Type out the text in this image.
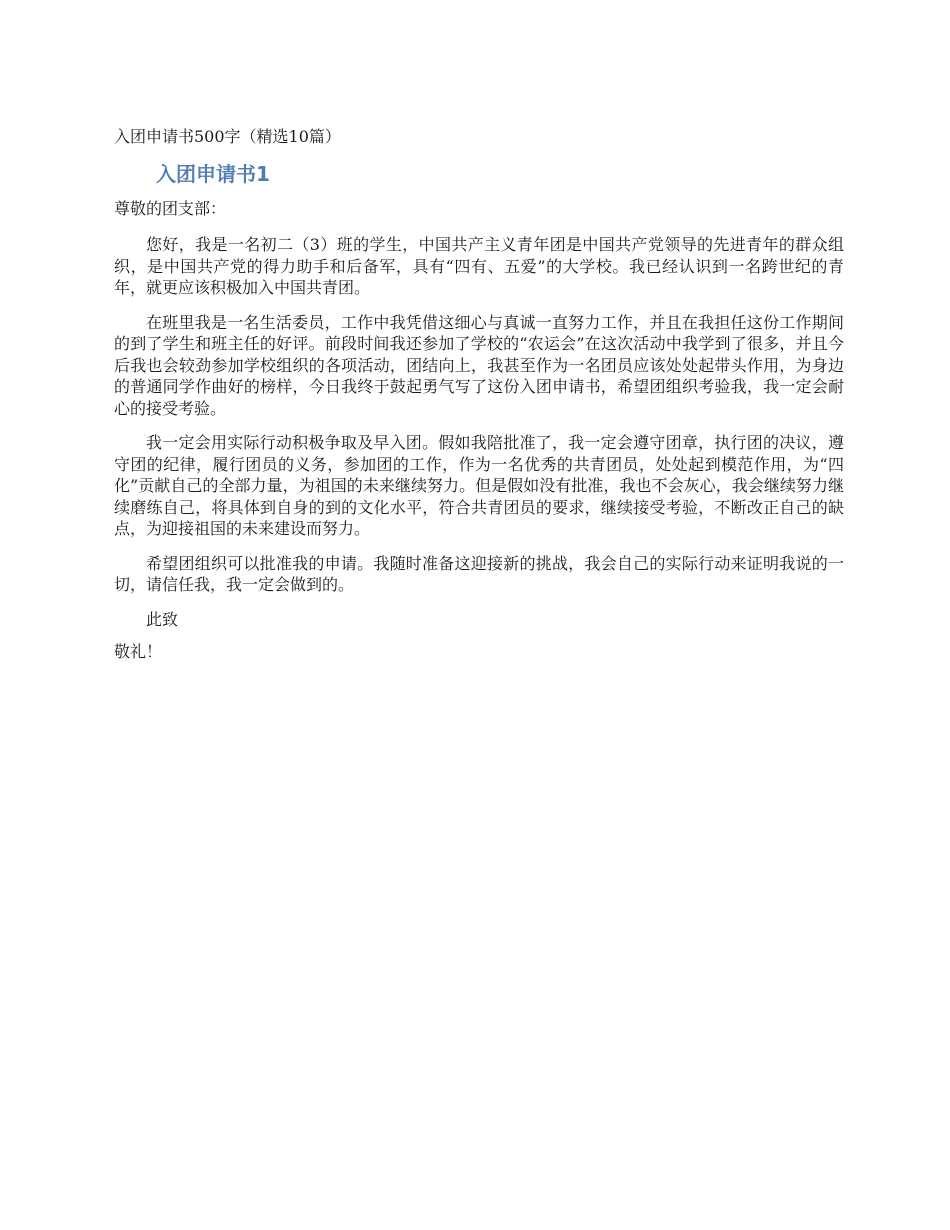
入团申请书500字（精选10篇）
入团申请书1
尊敬的团支部：

您好，我是一名初二（3）班的学生，中国共产主义青年团是中国共产党领导的先进青年的群众组织，是中国共产党的得力助手和后备军，具有“四有、五爱”的大学校。我已经认识到一名跨世纪的青年，就更应该积极加入中国共青团。

在班里我是一名生活委员，工作中我凭借这细心与真诚一直努力工作，并且在我担任这份工作期间的到了学生和班主任的好评。前段时间我还参加了学校的“农运会”在这次活动中我学到了很多，并且今后我也会较劲参加学校组织的各项活动，团结向上，我甚至作为一名团员应该处处起带头作用，为身边的普通同学作曲好的榜样，今日我终于鼓起勇气写了这份入团申请书，希望团组织考验我，我一定会耐心的接受考验。

我一定会用实际行动积极争取及早入团。假如我陪批准了，我一定会遵守团章，执行团的决议，遵守团的纪律，履行团员的义务，参加团的工作，作为一名优秀的共青团员，处处起到模范作用，为“四化”贡献自己的全部力量，为祖国的未来继续努力。但是假如没有批准，我也不会灰心，我会继续努力继续磨练自己，将具体到自身的到的文化水平，符合共青团员的要求，继续接受考验，不断改正自己的缺点，为迎接祖国的未来建设而努力。

希望团组织可以批准我的申请。我随时准备这迎接新的挑战，我会自己的实际行动来证明我说的一切，请信任我，我一定会做到的。

此致
敬礼！
